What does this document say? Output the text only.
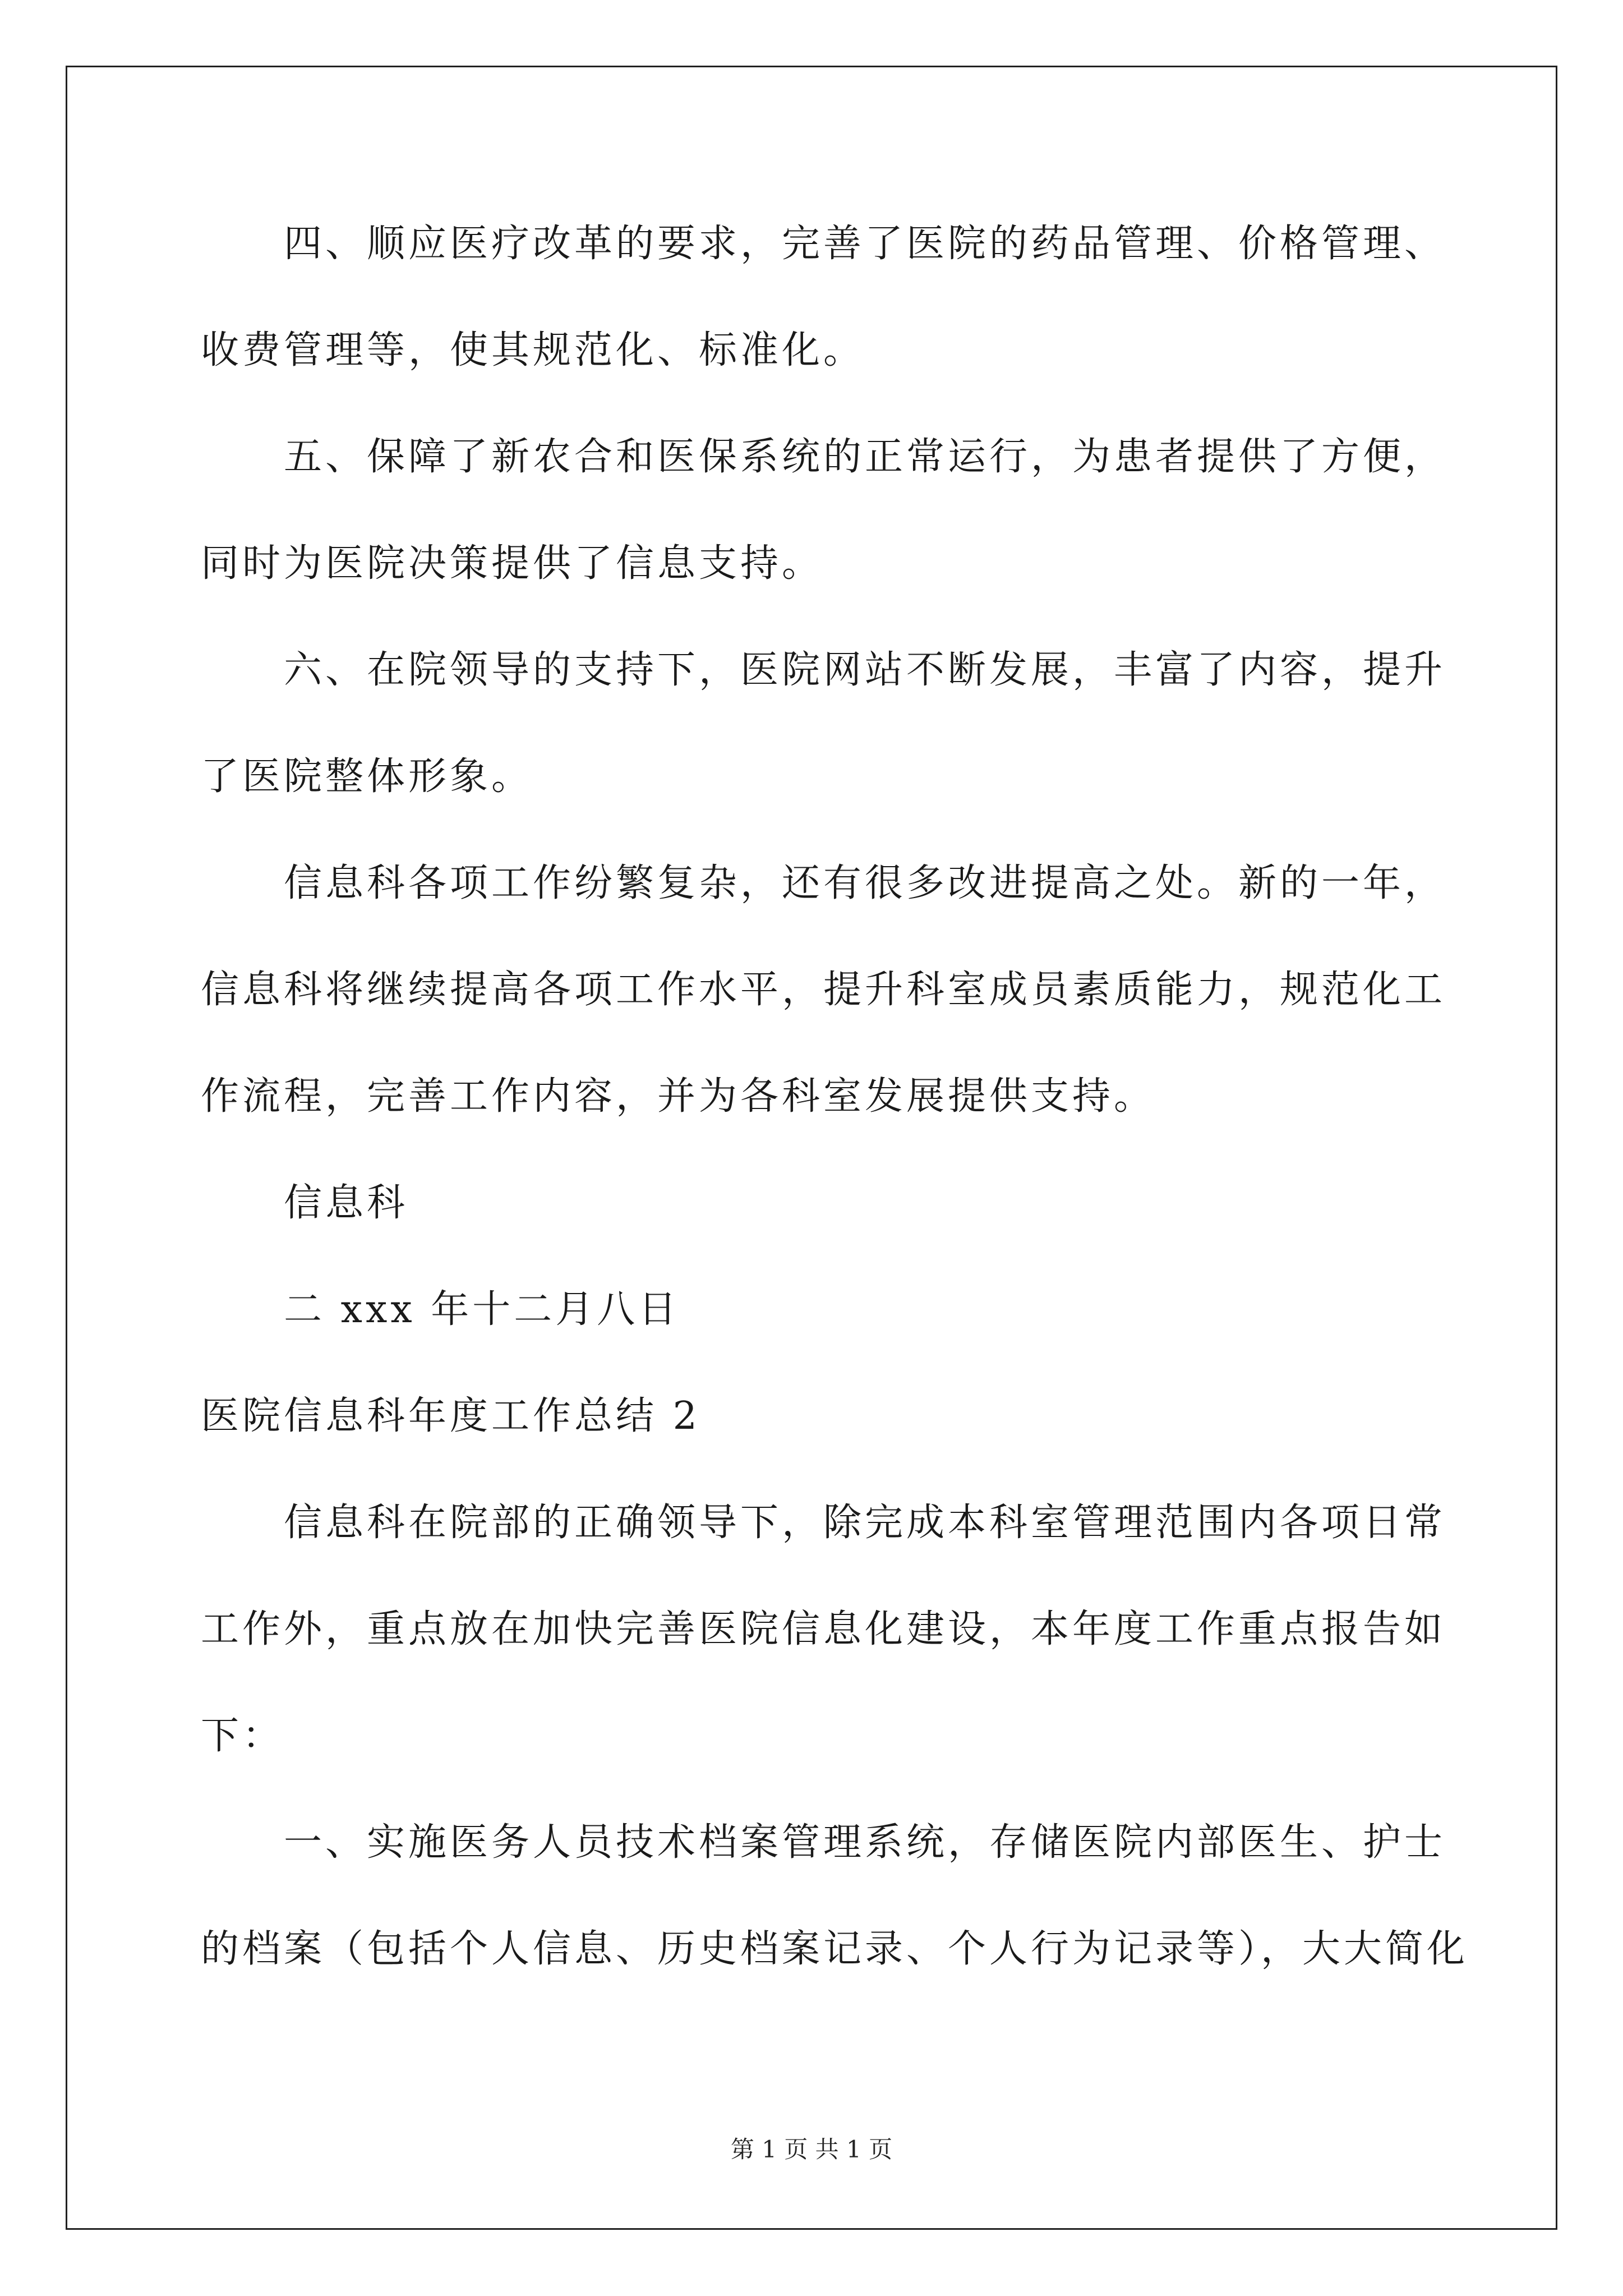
四、顺应医疗改革的要求，完善了医院的药品管理、价格管理、
收费管理等，使其规范化、标准化。
五、保障了新农合和医保系统的正常运行，为患者提供了方便，
同时为医院决策提供了信息支持。
六、在院领导的支持下，医院网站不断发展，丰富了内容，提升
了医院整体形象。
信息科各项工作纷繁复杂，还有很多改进提高之处。新的一年，
信息科将继续提高各项工作水平，提升科室成员素质能力，规范化工
作流程，完善工作内容，并为各科室发展提供支持。
信息科
二 xxx 年十二月八日
医院信息科年度工作总结 2
信息科在院部的正确领导下，除完成本科室管理范围内各项日常
工作外，重点放在加快完善医院信息化建设，本年度工作重点报告如
下：
一、实施医务人员技术档案管理系统，存储医院内部医生、护士
的档案（包括个人信息、历史档案记录、个人行为记录等），大大简化
第 1 页 共 1 页
